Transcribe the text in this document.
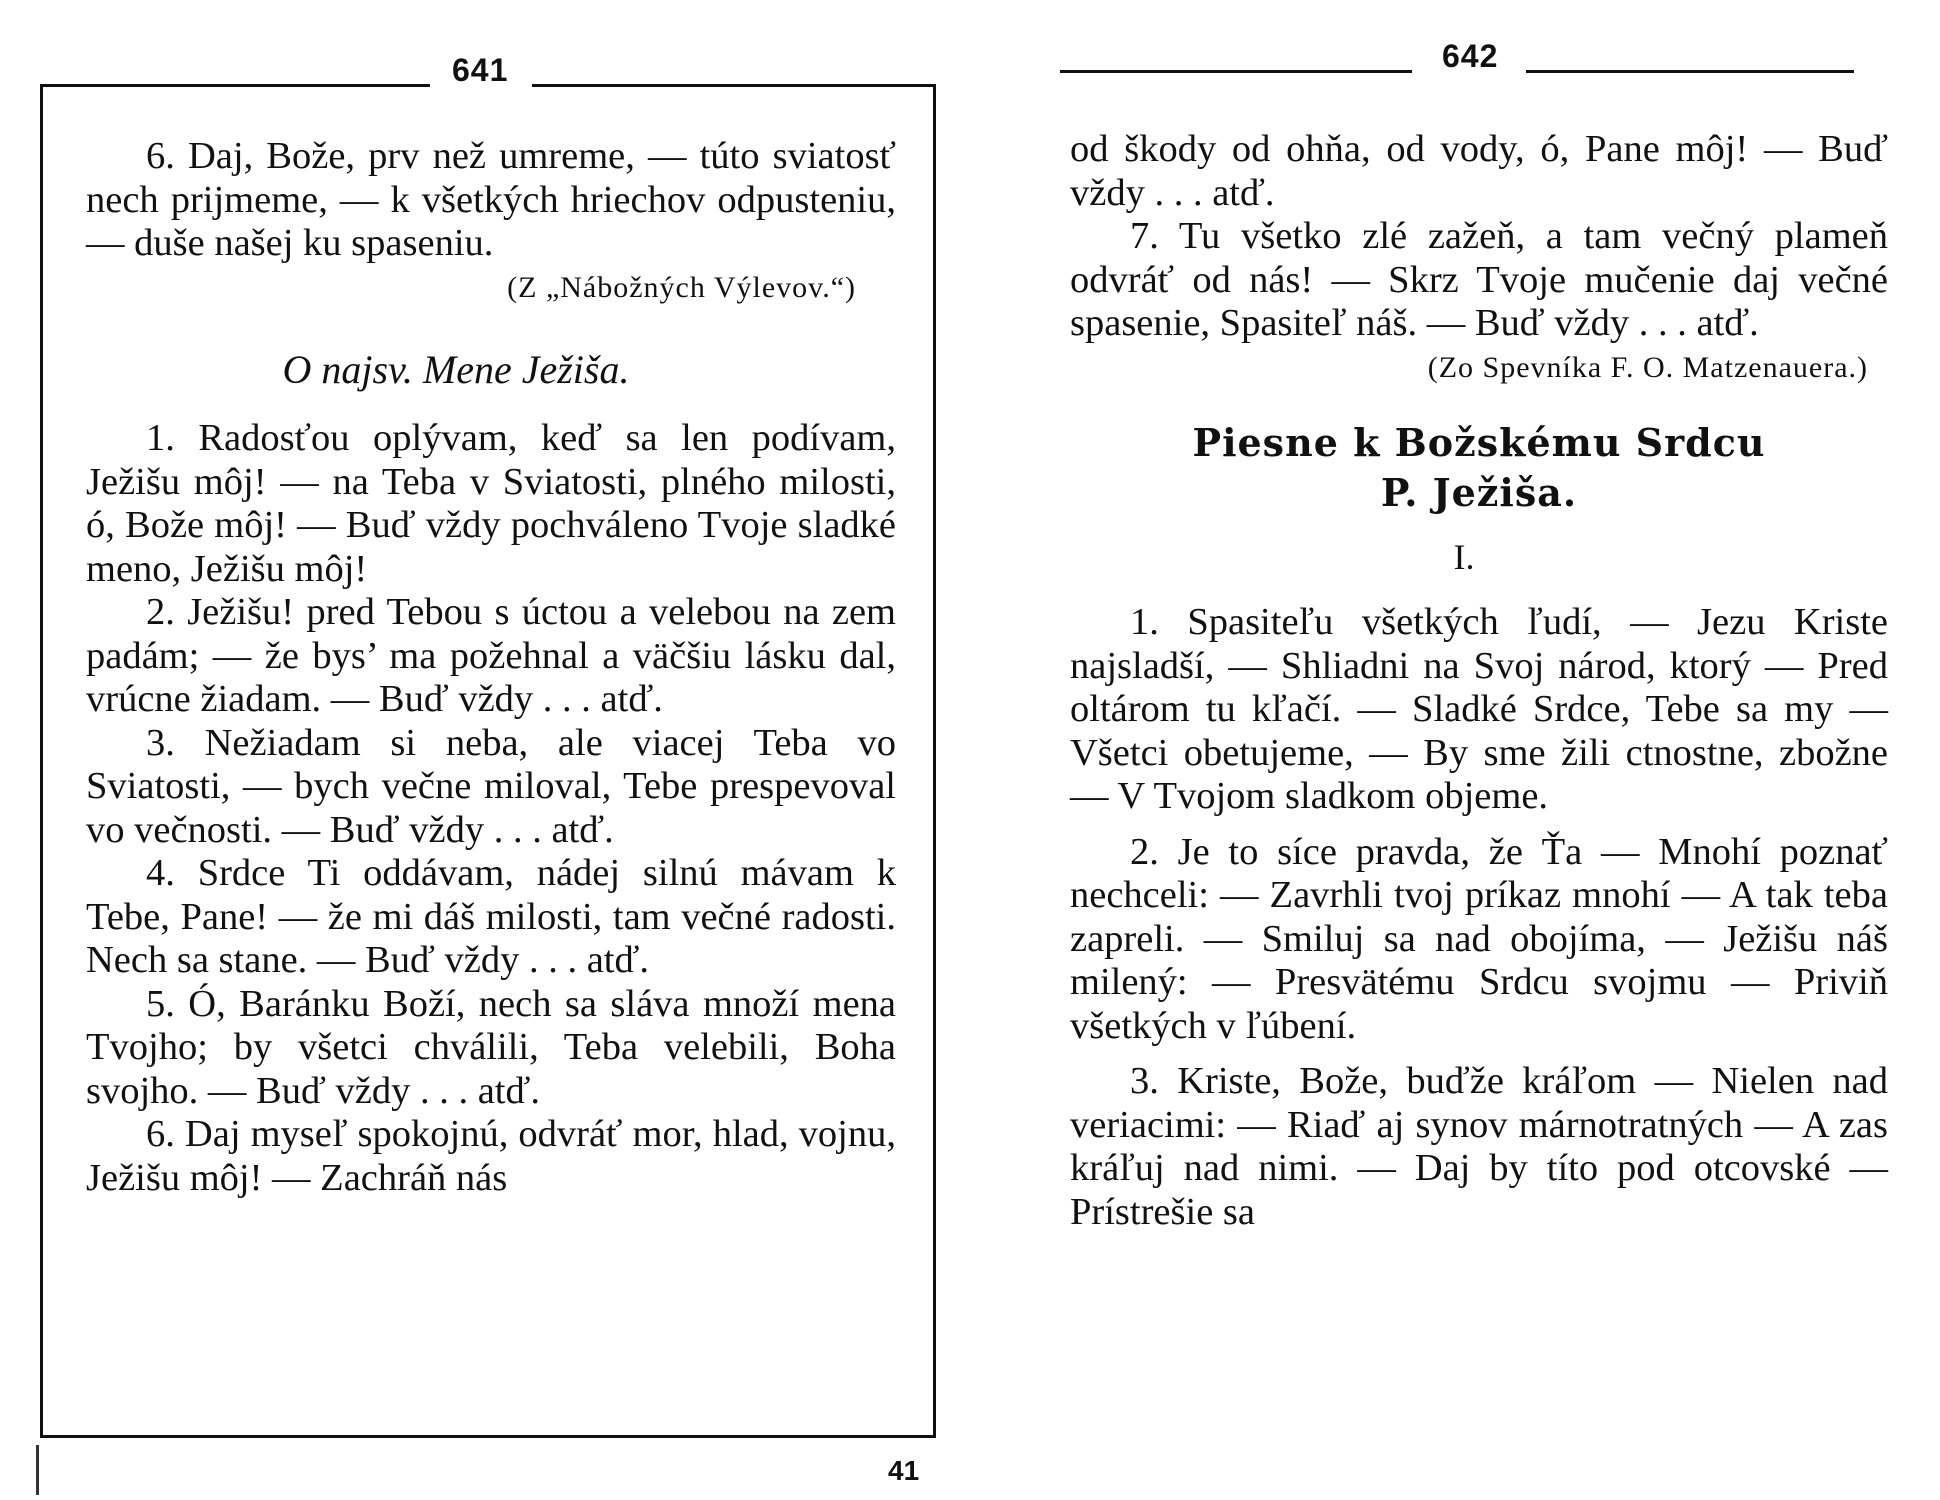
641

6. Daj, Bože, prv než umreme, — túto sviatosť nech prijmeme, — k všetkých hriechov odpusteniu, — duše našej ku spaseniu.

(Z „Nábožných Výlevov.“)
O najsv. Mene Ježiša.

1. Radosťou oplývam, keď sa len podívam, Ježišu môj! — na Teba v Sviatosti, plného milosti, ó, Bože môj! — Buď vždy pochváleno Tvoje sladké meno, Ježišu môj!

2. Ježišu! pred Tebou s úctou a velebou na zem padám; — že bys’ ma požehnal a väčšiu lásku dal, vrúcne žiadam. — Buď vždy . . . atď.

3. Nežiadam si neba, ale viacej Teba vo Sviatosti, — bych večne miloval, Tebe prespevoval vo večnosti. — Buď vždy . . . atď.

4. Srdce Ti oddávam, nádej silnú mávam k Tebe, Pane! — že mi dáš milosti, tam večné radosti. Nech sa stane. — Buď vždy . . . atď.

5. Ó, Baránku Boží, nech sa sláva množí mena Tvojho; by všetci chválili, Teba velebili, Boha svojho. — Buď vždy . . . atď.

6. Daj myseľ spokojnú, odvráť mor, hlad, vojnu, Ježišu môj! — Zachráň nás

41
642

od škody od ohňa, od vody, ó, Pane môj! — Buď vždy . . . atď.

7. Tu všetko zlé zažeň, a tam večný plameň odvráť od nás! — Skrz Tvoje mučenie daj večné spasenie, Spasiteľ náš. — Buď vždy . . . atď.

(Zo Spevníka F. O. Matzenauera.)
Piesne k Božskému Srdcu
P. Ježiša.
I.

1. Spasiteľu všetkých ľudí, — Jezu Kriste najsladší, — Shliadni na Svoj národ, ktorý — Pred oltárom tu kľačí. — Sladké Srdce, Tebe sa my — Všetci obetujeme, — By sme žili ctnostne, zbožne — V Tvojom sladkom objeme.

2. Je to síce pravda, že Ťa — Mnohí poznať nechceli: — Zavrhli tvoj príkaz mnohí — A tak teba zapreli. — Smiluj sa nad obojíma, — Ježišu náš milený: — Presvätému Srdcu svojmu — Priviň všetkých v ľúbení.

3. Kriste, Bože, buďže kráľom — Nielen nad veriacimi: — Riaď aj synov márnotratných — A zas kráľuj nad nimi. — Daj by títo pod otcovské — Prístrešie sa
